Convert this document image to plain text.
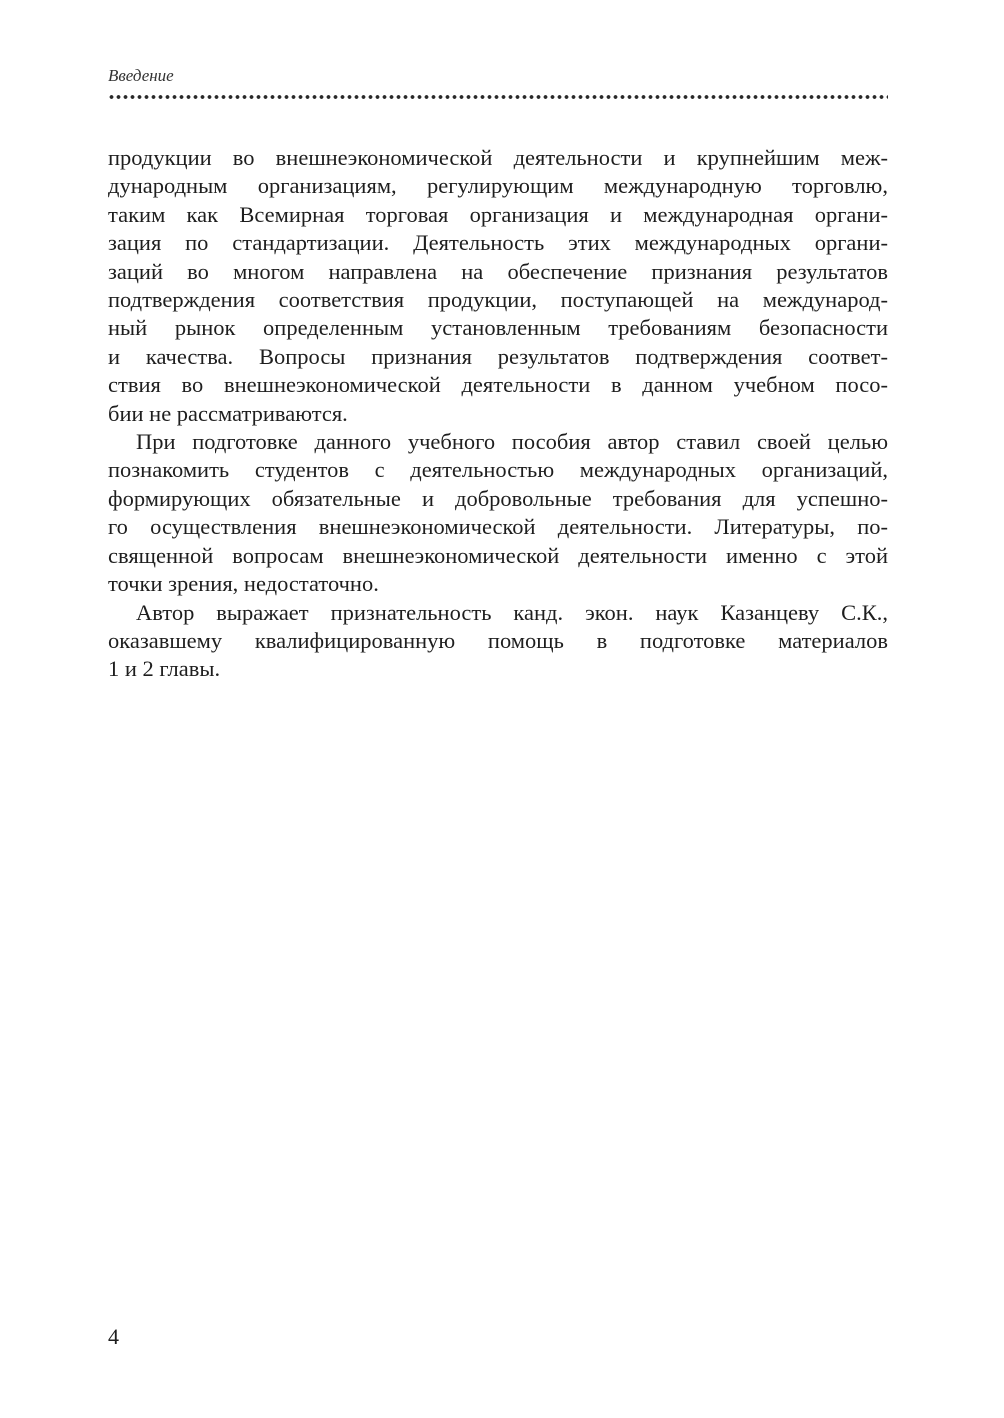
Введение
продукции во внешнеэкономической деятельности и крупнейшим меж-
дународным организациям, регулирующим международную торговлю,
таким как Всемирная торговая организация и международная органи-
зация по стандартизации. Деятельность этих международных органи-
заций во многом направлена на обеспечение признания результатов
подтверждения соответствия продукции, поступающей на международ-
ный рынок определенным установленным требованиям безопасности
и качества. Вопросы признания результатов подтверждения соответ-
ствия во внешнеэкономической деятельности в данном учебном посо-
бии не рассматриваются.
При подготовке данного учебного пособия автор ставил своей целью
познакомить студентов с деятельностью международных организаций,
формирующих обязательные и добровольные требования для успешно-
го осуществления внешнеэкономической деятельности. Литературы, по-
священной вопросам внешнеэкономической деятельности именно с этой
точки зрения, недостаточно.
Автор выражает признательность канд. экон. наук Казанцеву С.К.,
оказавшему квалифицированную помощь в подготовке материалов
1 и 2 главы.
4
